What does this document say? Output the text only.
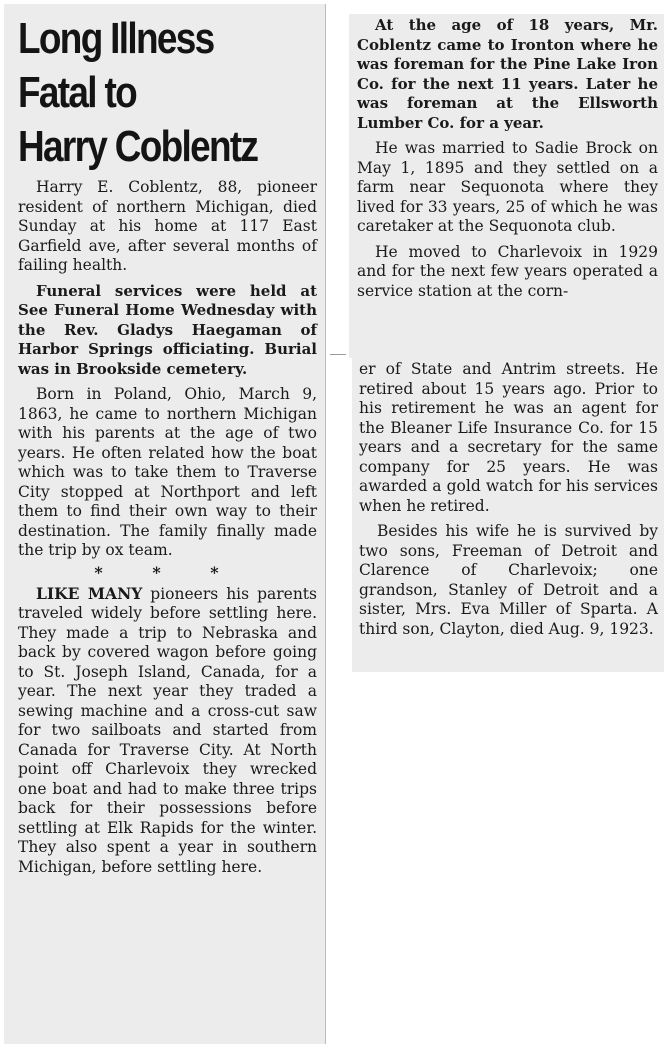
Long Illness
Fatal to
Harry Coblentz

Harry E. Coblentz, 88, pioneer resident of northern Michigan, died Sunday at his home at 117 East Garfield ave, after several months of failing health.

Funeral services were held at See Funeral Home Wednesday with the Rev. Gladys Haegaman of Harbor Springs officiating. Burial was in Brookside cemetery.

Born in Poland, Ohio, March 9, 1863, he came to northern Michigan with his parents at the age of two years. He often related how the boat which was to take them to Traverse City stopped at Northport and left them to find their own way to their destination. The family finally made the trip by ox team.

* * *

LIKE MANY pioneers his parents traveled widely before settling here. They made a trip to Nebraska and back by covered wagon before going to St. Joseph Island, Canada, for a year. The next year they traded a sewing machine and a cross-cut saw for two sailboats and started from Canada for Traverse City. At North point off Charlevoix they wrecked one boat and had to make three trips back for their possessions before settling at Elk Rapids for the winter. They also spent a year in southern Michigan, before settling here.

At the age of 18 years, Mr. Coblentz came to Ironton where he was foreman for the Pine Lake Iron Co. for the next 11 years. Later he was foreman at the Ellsworth Lumber Co. for a year.

He was married to Sadie Brock on May 1, 1895 and they settled on a farm near Sequonota where they lived for 33 years, 25 of which he was caretaker at the Sequonota club.

He moved to Charlevoix in 1929 and for the next few years operated a service station at the corn-

er of State and Antrim streets. He retired about 15 years ago. Prior to his retirement he was an agent for the Bleaner Life Insurance Co. for 15 years and a secretary for the same company for 25 years. He was awarded a gold watch for his services when he retired.

Besides his wife he is survived by two sons, Freeman of Detroit and Clarence of Charlevoix; one grandson, Stanley of Detroit and a sister, Mrs. Eva Miller of Sparta. A third son, Clayton, died Aug. 9, 1923.
